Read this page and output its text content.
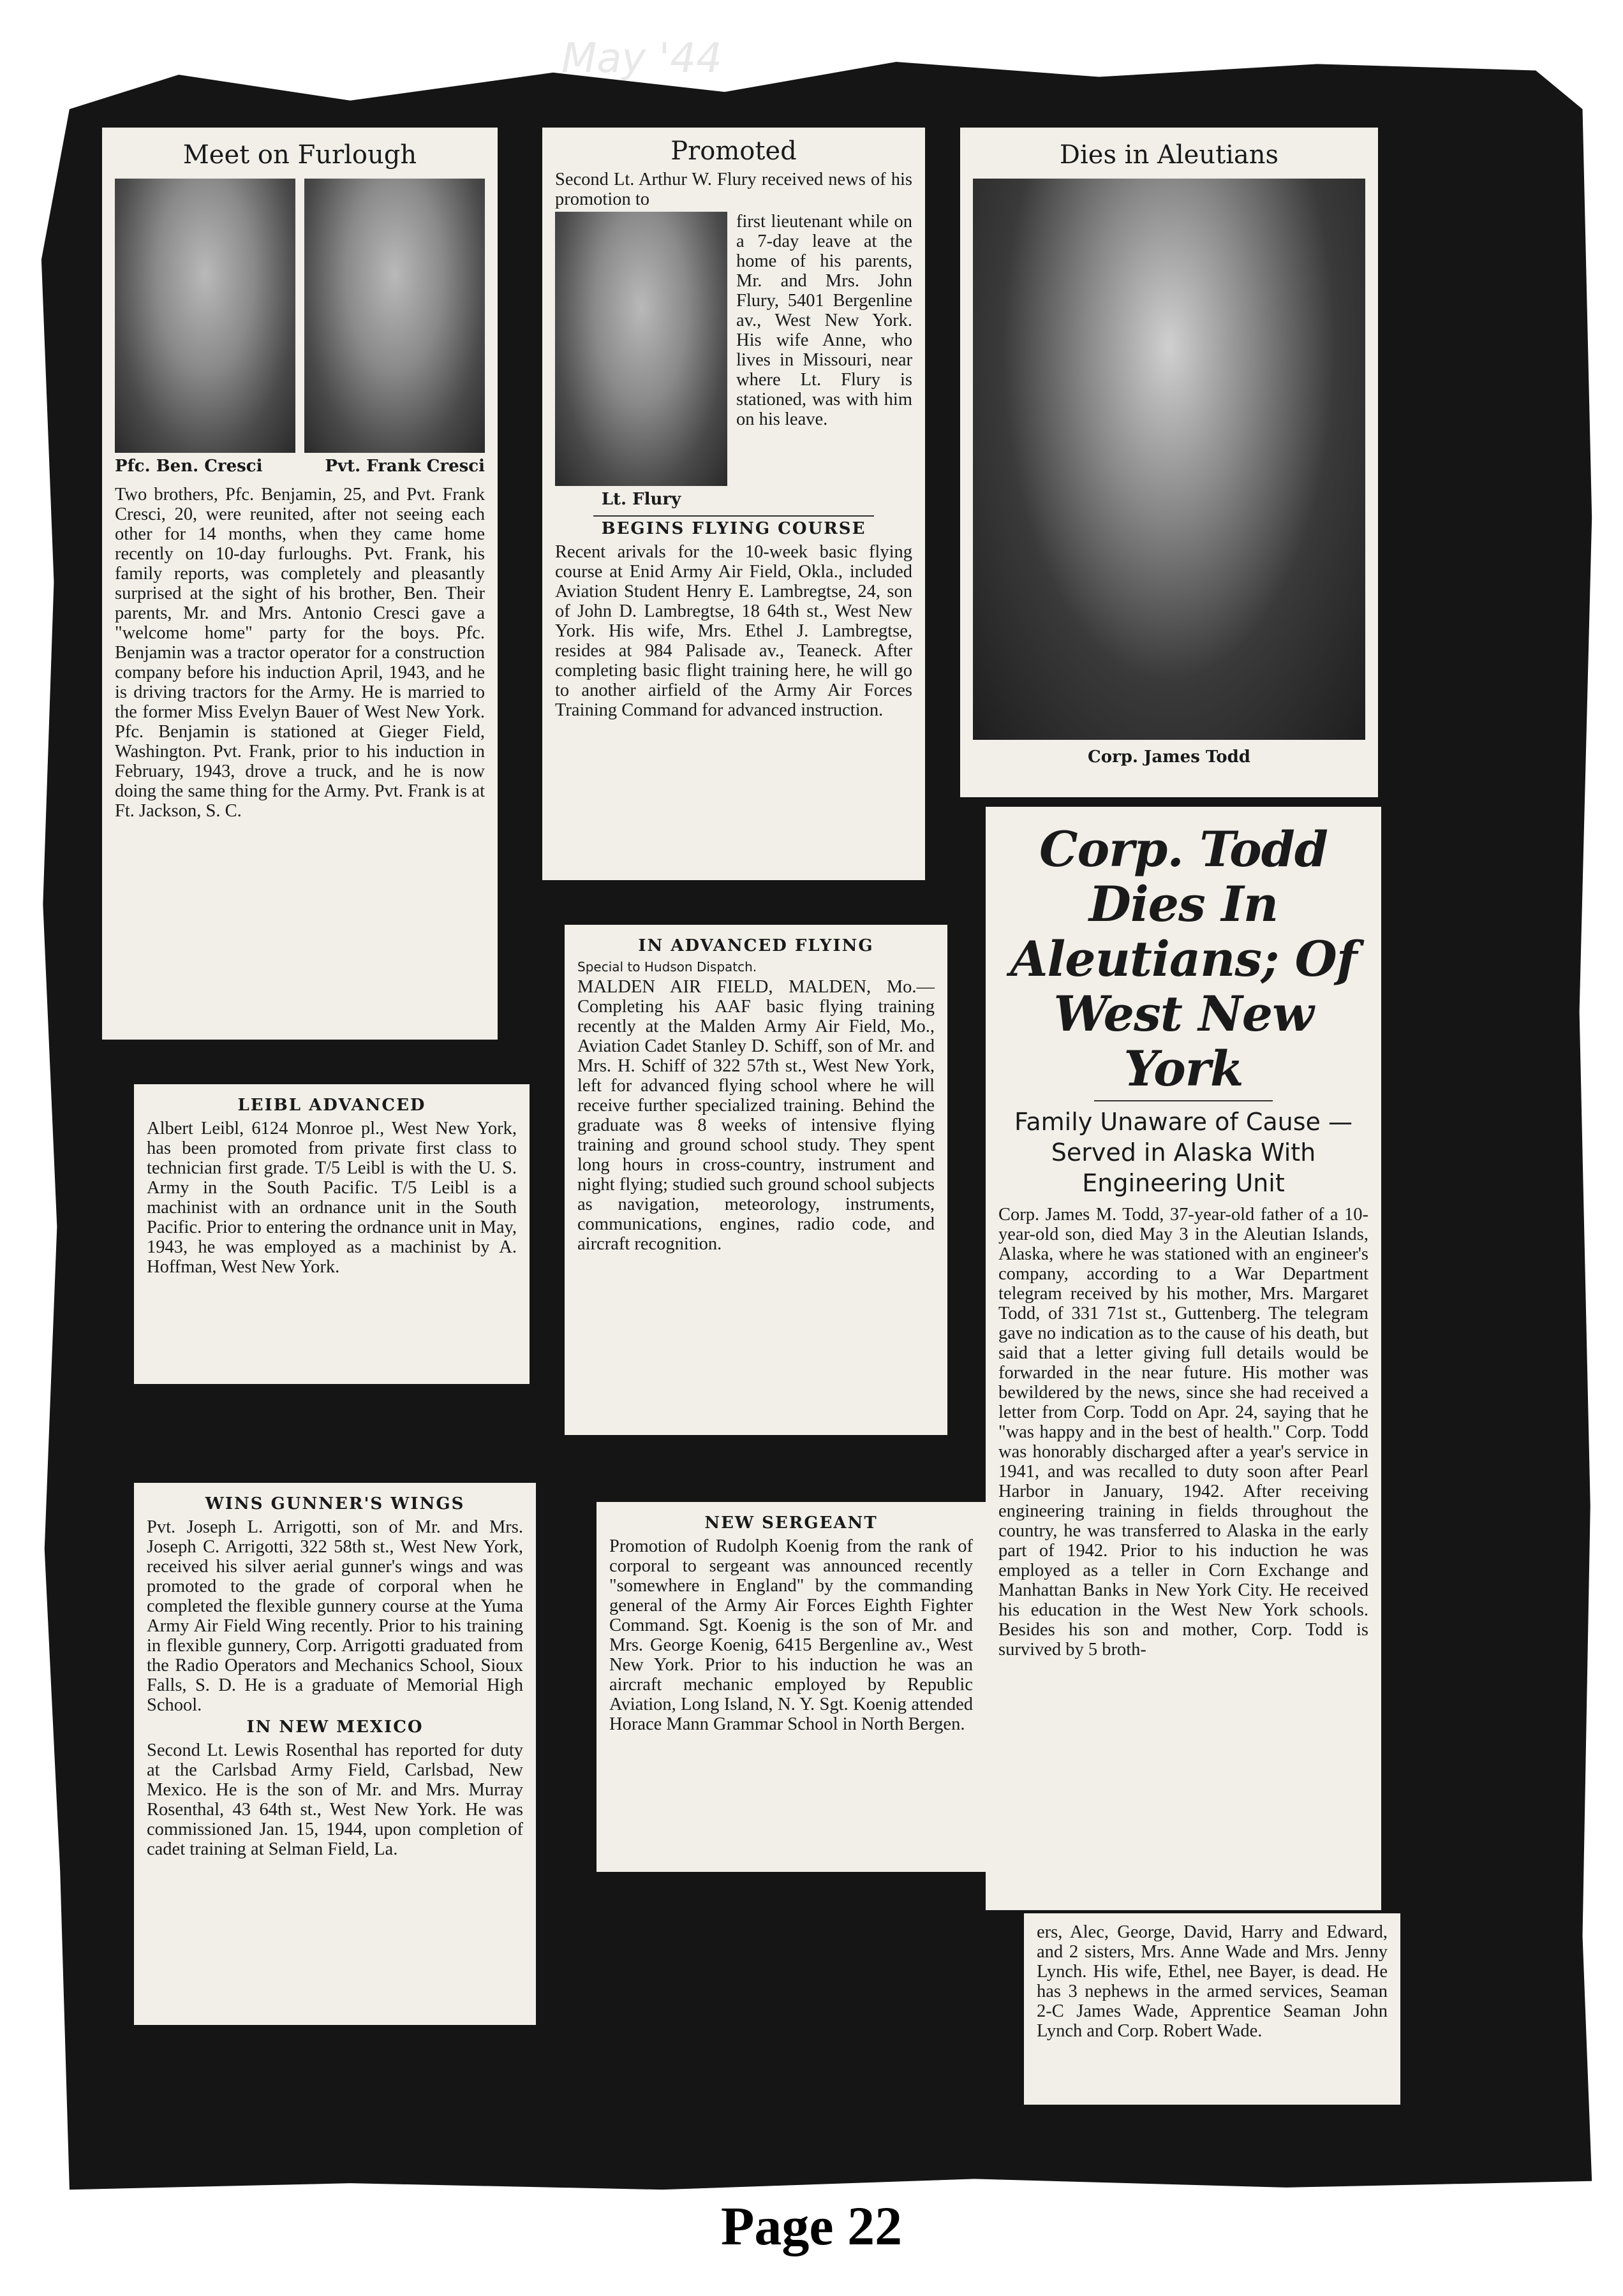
May '44
Meet on Furlough
Pfc. Ben. Cresci	Pvt. Frank Cresci

Two brothers, Pfc. Benjamin, 25, and Pvt. Frank Cresci, 20, were reunited, after not seeing each other for 14 months, when they came home recently on 10-day furloughs. Pvt. Frank, his family reports, was completely and pleasantly surprised at the sight of his brother, Ben. Their parents, Mr. and Mrs. Antonio Cresci gave a "welcome home" party for the boys. Pfc. Benjamin was a tractor operator for a construction company before his induction April, 1943, and he is driving tractors for the Army. He is married to the former Miss Evelyn Bauer of West New York. Pfc. Benjamin is stationed at Gieger Field, Washington. Pvt. Frank, prior to his induction in February, 1943, drove a truck, and he is now doing the same thing for the Army. Pvt. Frank is at Ft. Jackson, S. C.

Promoted

Second Lt. Arthur W. Flury received news of his promotion to

Lt. Flury

first lieutenant while on a 7-day leave at the home of his parents, Mr. and Mrs. John Flury, 5401 Bergenline av., West New York. His wife Anne, who lives in Missouri, near where Lt. Flury is stationed, was with him on his leave.

BEGINS FLYING COURSE

Recent arivals for the 10-week basic flying course at Enid Army Air Field, Okla., included Aviation Student Henry E. Lambregtse, 24, son of John D. Lambregtse, 18 64th st., West New York. His wife, Mrs. Ethel J. Lambregtse, resides at 984 Palisade av., Teaneck. After completing basic flight training here, he will go to another airfield of the Army Air Forces Training Command for advanced instruction.

Dies in Aleutians
Corp. James Todd
Corp. Todd Dies In Aleutians; Of West New York
Family Unaware of Cause —Served in Alaska With Engineering Unit

Corp. James M. Todd, 37-year-old father of a 10-year-old son, died May 3 in the Aleutian Islands, Alaska, where he was stationed with an engineer's company, according to a War Department telegram received by his mother, Mrs. Margaret Todd, of 331 71st st., Guttenberg. The telegram gave no indication as to the cause of his death, but said that a letter giving full details would be forwarded in the near future. His mother was bewildered by the news, since she had received a letter from Corp. Todd on Apr. 24, saying that he "was happy and in the best of health." Corp. Todd was honorably discharged after a year's service in 1941, and was recalled to duty soon after Pearl Harbor in January, 1942. After receiving engineering training in fields throughout the country, he was transferred to Alaska in the early part of 1942. Prior to his induction he was employed as a teller in Corn Exchange and Manhattan Banks in New York City. He received his education in the West New York schools. Besides his son and mother, Corp. Todd is survived by 5 broth-

ers, Alec, George, David, Harry and Edward, and 2 sisters, Mrs. Anne Wade and Mrs. Jenny Lynch. His wife, Ethel, nee Bayer, is dead. He has 3 nephews in the armed services, Seaman 2-C James Wade, Apprentice Seaman John Lynch and Corp. Robert Wade.

IN ADVANCED FLYING
Special to Hudson Dispatch.

MALDEN AIR FIELD, MALDEN, Mo.—Completing his AAF basic flying training recently at the Malden Army Air Field, Mo., Aviation Cadet Stanley D. Schiff, son of Mr. and Mrs. H. Schiff of 322 57th st., West New York, left for advanced flying school where he will receive further specialized training. Behind the graduate was 8 weeks of intensive flying training and ground school study. They spent long hours in cross-country, instrument and night flying; studied such ground school subjects as navigation, meteorology, instruments, communications, engines, radio code, and aircraft recognition.

LEIBL ADVANCED

Albert Leibl, 6124 Monroe pl., West New York, has been promoted from private first class to technician first grade. T/5 Leibl is with the U. S. Army in the South Pacific. T/5 Leibl is a machinist with an ordnance unit in the South Pacific. Prior to entering the ordnance unit in May, 1943, he was employed as a machinist by A. Hoffman, West New York.

WINS GUNNER'S WINGS

Pvt. Joseph L. Arrigotti, son of Mr. and Mrs. Joseph C. Arrigotti, 322 58th st., West New York, received his silver aerial gunner's wings and was promoted to the grade of corporal when he completed the flexible gunnery course at the Yuma Army Air Field Wing recently. Prior to his training in flexible gunnery, Corp. Arrigotti graduated from the Radio Operators and Mechanics School, Sioux Falls, S. D. He is a graduate of Memorial High School.

IN NEW MEXICO

Second Lt. Lewis Rosenthal has reported for duty at the Carlsbad Army Field, Carlsbad, New Mexico. He is the son of Mr. and Mrs. Murray Rosenthal, 43 64th st., West New York. He was commissioned Jan. 15, 1944, upon completion of cadet training at Selman Field, La.

NEW SERGEANT

Promotion of Rudolph Koenig from the rank of corporal to sergeant was announced recently "somewhere in England" by the commanding general of the Army Air Forces Eighth Fighter Command. Sgt. Koenig is the son of Mr. and Mrs. George Koenig, 6415 Bergenline av., West New York. Prior to his induction he was an aircraft mechanic employed by Republic Aviation, Long Island, N. Y. Sgt. Koenig attended Horace Mann Grammar School in North Bergen.

Page 22
